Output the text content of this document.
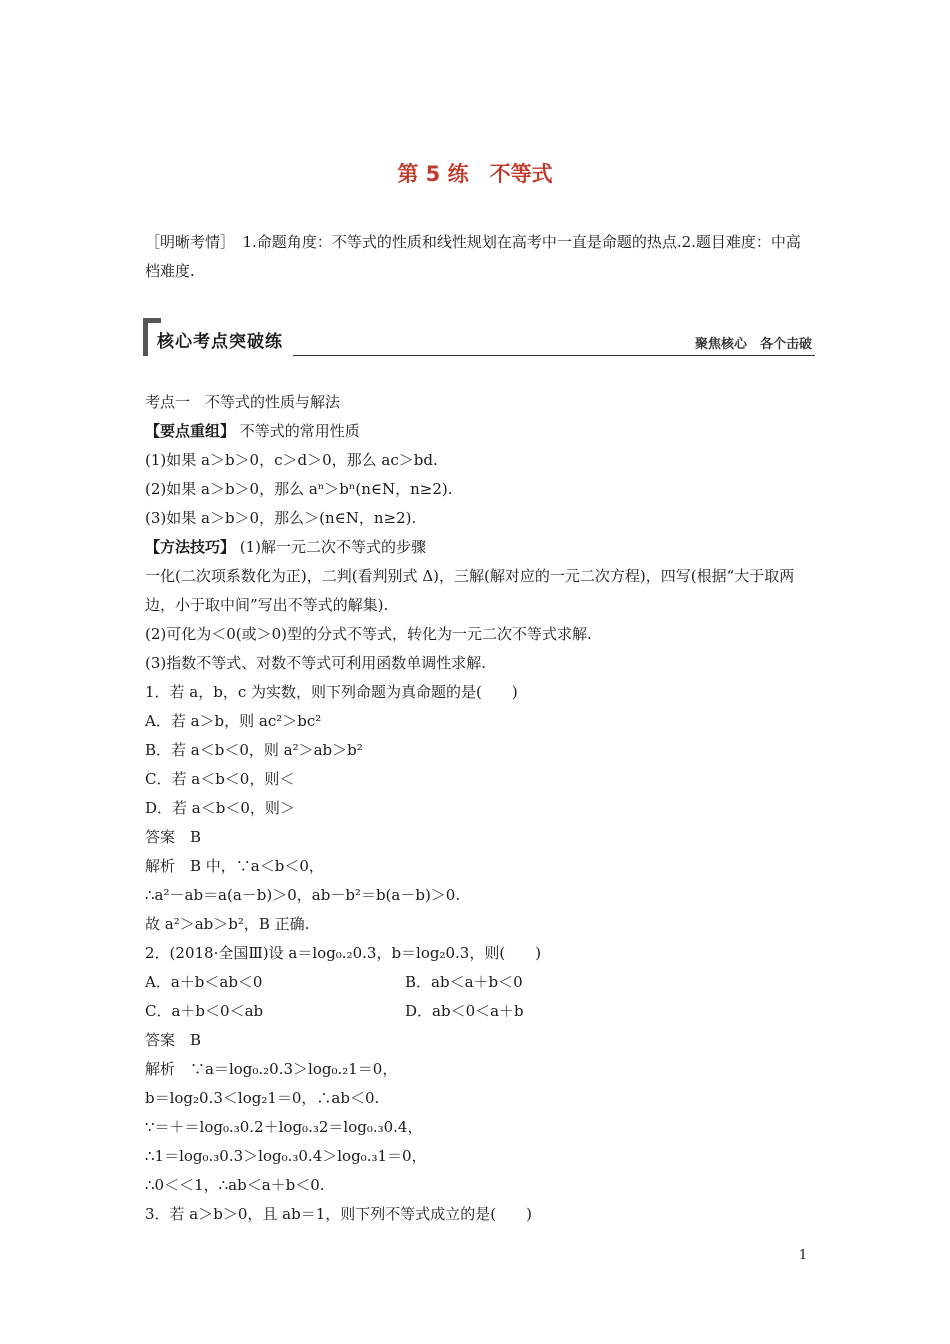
第 5 练　不等式
［明晰考情］　1.命题角度：不等式的性质和线性规划在高考中一直是命题的热点.2.题目难度：中高档难度.
核心考点突破练	聚焦核心　各个击破
考点一　不等式的性质与解法
【要点重组】 不等式的常用性质
(1)如果 a＞b＞0，c＞d＞0，那么 ac＞bd.
(2)如果 a＞b＞0，那么 aⁿ＞bⁿ(n∈N，n≥2).
(3)如果 a＞b＞0，那么＞(n∈N，n≥2).
【方法技巧】 (1)解一元二次不等式的步骤
一化(二次项系数化为正)，二判(看判别式 Δ)，三解(解对应的一元二次方程)，四写(根据“大于取两边，小于取中间”写出不等式的解集).
(2)可化为＜0(或＞0)型的分式不等式，转化为一元二次不等式求解.
(3)指数不等式、对数不等式可利用函数单调性求解.
1．若 a，b，c 为实数，则下列命题为真命题的是(　　)
A．若 a＞b，则 ac²＞bc²
B．若 a＜b＜0，则 a²＞ab＞b²
C．若 a＜b＜0，则＜
D．若 a＜b＜0，则＞
答案　B
解析　B 中，∵a＜b＜0，
∴a²－ab＝a(a－b)＞0，ab－b²＝b(a－b)＞0.
故 a²＞ab＞b²，B 正确.
2．(2018·全国Ⅲ)设 a＝log₀.₂0.3，b＝log₂0.3，则(　　)
A．a＋b＜ab＜0	B．ab＜a＋b＜0
C．a＋b＜0＜ab	D．ab＜0＜a＋b
答案　B
解析　∵a＝log₀.₂0.3＞log₀.₂1＝0，
b＝log₂0.3＜log₂1＝0，∴ab＜0.
∵＝＋＝log₀.₃0.2＋log₀.₃2＝log₀.₃0.4，
∴1＝log₀.₃0.3＞log₀.₃0.4＞log₀.₃1＝0，
∴0＜＜1，∴ab＜a＋b＜0.
3．若 a＞b＞0，且 ab＝1，则下列不等式成立的是(　　)
1
